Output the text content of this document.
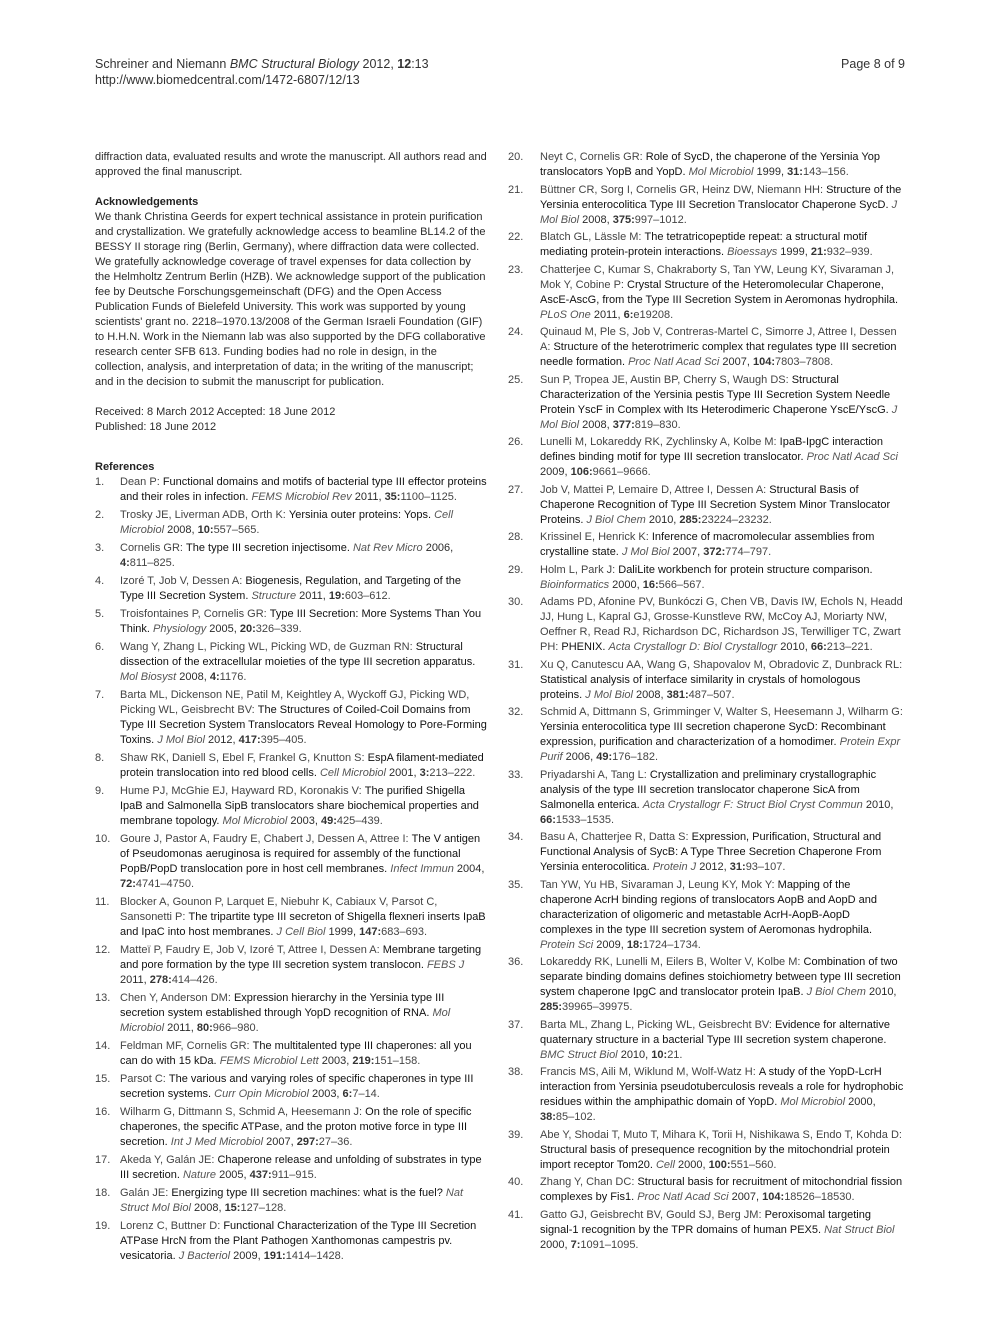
Schreiner and Niemann BMC Structural Biology 2012, 12:13
http://www.biomedcentral.com/1472-6807/12/13
Page 8 of 9

diffraction data, evaluated results and wrote the manuscript. All authors read and approved the final manuscript.

Acknowledgements

We thank Christina Geerds for expert technical assistance in protein purification and crystallization. We gratefully acknowledge access to beamline BL14.2 of the BESSY II storage ring (Berlin, Germany), where diffraction data were collected. We gratefully acknowledge coverage of travel expenses for data collection by the Helmholtz Zentrum Berlin (HZB). We acknowledge support of the publication fee by Deutsche Forschungsgemeinschaft (DFG) and the Open Access Publication Funds of Bielefeld University. This work was supported by young scientists' grant no. 2218–1970.13/2008 of the German Israeli Foundation (GIF) to H.H.N. Work in the Niemann lab was also supported by the DFG collaborative research center SFB 613. Funding bodies had no role in design, in the collection, analysis, and interpretation of data; in the writing of the manuscript; and in the decision to submit the manuscript for publication.

Received: 8 March 2012 Accepted: 18 June 2012
Published: 18 June 2012

References

1. Dean P: Functional domains and motifs of bacterial type III effector proteins and their roles in infection. FEMS Microbiol Rev 2011, 35:1100–1125.
2. Trosky JE, Liverman ADB, Orth K: Yersinia outer proteins: Yops. Cell Microbiol 2008, 10:557–565.
3. Cornelis GR: The type III secretion injectisome. Nat Rev Micro 2006, 4:811–825.
4. Izoré T, Job V, Dessen A: Biogenesis, Regulation, and Targeting of the Type III Secretion System. Structure 2011, 19:603–612.
5. Troisfontaines P, Cornelis GR: Type III Secretion: More Systems Than You Think. Physiology 2005, 20:326–339.
6. Wang Y, Zhang L, Picking WL, Picking WD, de Guzman RN: Structural dissection of the extracellular moieties of the type III secretion apparatus. Mol Biosyst 2008, 4:1176.
7. Barta ML, Dickenson NE, Patil M, Keightley A, Wyckoff GJ, Picking WD, Picking WL, Geisbrecht BV: The Structures of Coiled-Coil Domains from Type III Secretion System Translocators Reveal Homology to Pore-Forming Toxins. J Mol Biol 2012, 417:395–405.
8. Shaw RK, Daniell S, Ebel F, Frankel G, Knutton S: EspA filament-mediated protein translocation into red blood cells. Cell Microbiol 2001, 3:213–222.
9. Hume PJ, McGhie EJ, Hayward RD, Koronakis V: The purified Shigella IpaB and Salmonella SipB translocators share biochemical properties and membrane topology. Mol Microbiol 2003, 49:425–439.
10. Goure J, Pastor A, Faudry E, Chabert J, Dessen A, Attree I: The V antigen of Pseudomonas aeruginosa is required for assembly of the functional PopB/PopD translocation pore in host cell membranes. Infect Immun 2004, 72:4741–4750.
11. Blocker A, Gounon P, Larquet E, Niebuhr K, Cabiaux V, Parsot C, Sansonetti P: The tripartite type III secreton of Shigella flexneri inserts IpaB and IpaC into host membranes. J Cell Biol 1999, 147:683–693.
12. Matteï P, Faudry E, Job V, Izoré T, Attree I, Dessen A: Membrane targeting and pore formation by the type III secretion system translocon. FEBS J 2011, 278:414–426.
13. Chen Y, Anderson DM: Expression hierarchy in the Yersinia type III secretion system established through YopD recognition of RNA. Mol Microbiol 2011, 80:966–980.
14. Feldman MF, Cornelis GR: The multitalented type III chaperones: all you can do with 15 kDa. FEMS Microbiol Lett 2003, 219:151–158.
15. Parsot C: The various and varying roles of specific chaperones in type III secretion systems. Curr Opin Microbiol 2003, 6:7–14.
16. Wilharm G, Dittmann S, Schmid A, Heesemann J: On the role of specific chaperones, the specific ATPase, and the proton motive force in type III secretion. Int J Med Microbiol 2007, 297:27–36.
17. Akeda Y, Galán JE: Chaperone release and unfolding of substrates in type III secretion. Nature 2005, 437:911–915.
18. Galán JE: Energizing type III secretion machines: what is the fuel? Nat Struct Mol Biol 2008, 15:127–128.
19. Lorenz C, Buttner D: Functional Characterization of the Type III Secretion ATPase HrcN from the Plant Pathogen Xanthomonas campestris pv. vesicatoria. J Bacteriol 2009, 191:1414–1428.
20. Neyt C, Cornelis GR: Role of SycD, the chaperone of the Yersinia Yop translocators YopB and YopD. Mol Microbiol 1999, 31:143–156.
21. Büttner CR, Sorg I, Cornelis GR, Heinz DW, Niemann HH: Structure of the Yersinia enterocolitica Type III Secretion Translocator Chaperone SycD. J Mol Biol 2008, 375:997–1012.
22. Blatch GL, Lässle M: The tetratricopeptide repeat: a structural motif mediating protein-protein interactions. Bioessays 1999, 21:932–939.
23. Chatterjee C, Kumar S, Chakraborty S, Tan YW, Leung KY, Sivaraman J, Mok Y, Cobine P: Crystal Structure of the Heteromolecular Chaperone, AscE-AscG, from the Type III Secretion System in Aeromonas hydrophila. PLoS One 2011, 6:e19208.
24. Quinaud M, Ple S, Job V, Contreras-Martel C, Simorre J, Attree I, Dessen A: Structure of the heterotrimeric complex that regulates type III secretion needle formation. Proc Natl Acad Sci 2007, 104:7803–7808.
25. Sun P, Tropea JE, Austin BP, Cherry S, Waugh DS: Structural Characterization of the Yersinia pestis Type III Secretion System Needle Protein YscF in Complex with Its Heterodimeric Chaperone YscE/YscG. J Mol Biol 2008, 377:819–830.
26. Lunelli M, Lokareddy RK, Zychlinsky A, Kolbe M: IpaB-IpgC interaction defines binding motif for type III secretion translocator. Proc Natl Acad Sci 2009, 106:9661–9666.
27. Job V, Mattei P, Lemaire D, Attree I, Dessen A: Structural Basis of Chaperone Recognition of Type III Secretion System Minor Translocator Proteins. J Biol Chem 2010, 285:23224–23232.
28. Krissinel E, Henrick K: Inference of macromolecular assemblies from crystalline state. J Mol Biol 2007, 372:774–797.
29. Holm L, Park J: DaliLite workbench for protein structure comparison. Bioinformatics 2000, 16:566–567.
30. Adams PD, Afonine PV, Bunkóczi G, Chen VB, Davis IW, Echols N, Headd JJ, Hung L, Kapral GJ, Grosse-Kunstleve RW, McCoy AJ, Moriarty NW, Oeffner R, Read RJ, Richardson DC, Richardson JS, Terwilliger TC, Zwart PH: PHENIX. Acta Crystallogr D: Biol Crystallogr 2010, 66:213–221.
31. Xu Q, Canutescu AA, Wang G, Shapovalov M, Obradovic Z, Dunbrack RL: Statistical analysis of interface similarity in crystals of homologous proteins. J Mol Biol 2008, 381:487–507.
32. Schmid A, Dittmann S, Grimminger V, Walter S, Heesemann J, Wilharm G: Yersinia enterocolitica type III secretion chaperone SycD: Recombinant expression, purification and characterization of a homodimer. Protein Expr Purif 2006, 49:176–182.
33. Priyadarshi A, Tang L: Crystallization and preliminary crystallographic analysis of the type III secretion translocator chaperone SicA from Salmonella enterica. Acta Crystallogr F: Struct Biol Cryst Commun 2010, 66:1533–1535.
34. Basu A, Chatterjee R, Datta S: Expression, Purification, Structural and Functional Analysis of SycB: A Type Three Secretion Chaperone From Yersinia enterocolitica. Protein J 2012, 31:93–107.
35. Tan YW, Yu HB, Sivaraman J, Leung KY, Mok Y: Mapping of the chaperone AcrH binding regions of translocators AopB and AopD and characterization of oligomeric and metastable AcrH-AopB-AopD complexes in the type III secretion system of Aeromonas hydrophila. Protein Sci 2009, 18:1724–1734.
36. Lokareddy RK, Lunelli M, Eilers B, Wolter V, Kolbe M: Combination of two separate binding domains defines stoichiometry between type III secretion system chaperone IpgC and translocator protein IpaB. J Biol Chem 2010, 285:39965–39975.
37. Barta ML, Zhang L, Picking WL, Geisbrecht BV: Evidence for alternative quaternary structure in a bacterial Type III secretion system chaperone. BMC Struct Biol 2010, 10:21.
38. Francis MS, Aili M, Wiklund M, Wolf-Watz H: A study of the YopD-LcrH interaction from Yersinia pseudotuberculosis reveals a role for hydrophobic residues within the amphipathic domain of YopD. Mol Microbiol 2000, 38:85–102.
39. Abe Y, Shodai T, Muto T, Mihara K, Torii H, Nishikawa S, Endo T, Kohda D: Structural basis of presequence recognition by the mitochondrial protein import receptor Tom20. Cell 2000, 100:551–560.
40. Zhang Y, Chan DC: Structural basis for recruitment of mitochondrial fission complexes by Fis1. Proc Natl Acad Sci 2007, 104:18526–18530.
41. Gatto GJ, Geisbrecht BV, Gould SJ, Berg JM: Peroxisomal targeting signal-1 recognition by the TPR domains of human PEX5. Nat Struct Biol 2000, 7:1091–1095.
